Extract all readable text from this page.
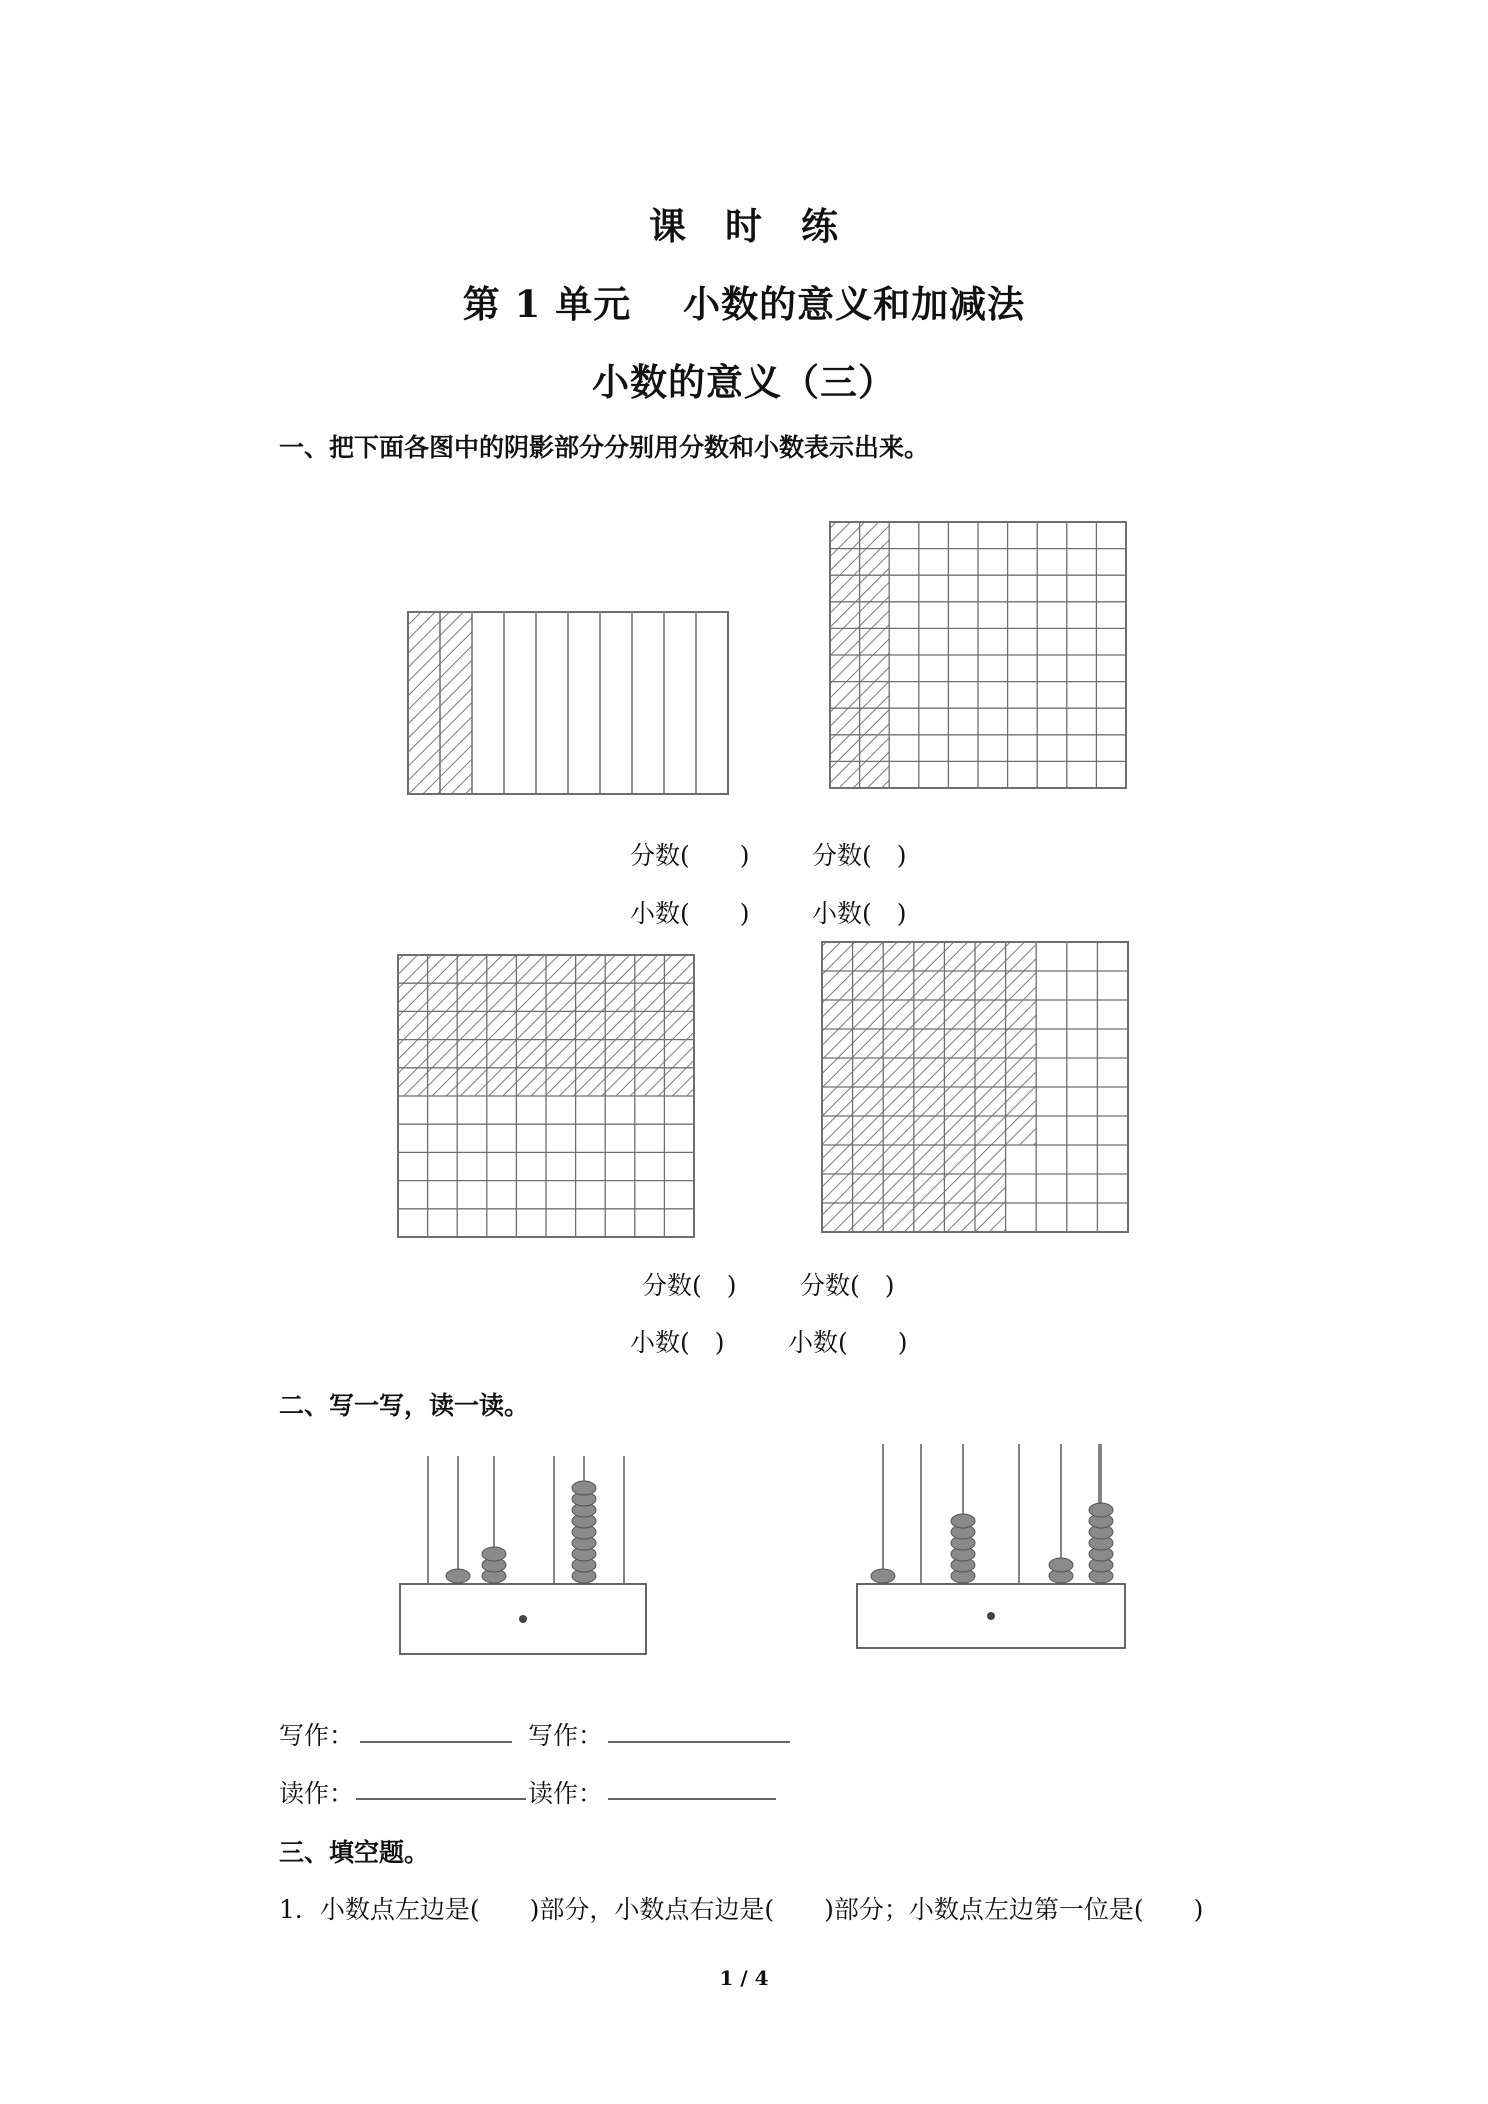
课　时　练
第 1 单元　 小数的意义和加减法
小数的意义（三）
一、把下面各图中的阴影部分分别用分数和小数表示出来。
分数(　　) 分数(　)
小数(　　) 小数(　)
分数(　)	分数(　)
小数(　)	小数(　　)
二、写一写，读一读。
写作：	写作：
读作：	读作：
三、填空题。
1．小数点左边是(　　)部分，小数点右边是(　　)部分；小数点左边第一位是(　　)
1 / 4
